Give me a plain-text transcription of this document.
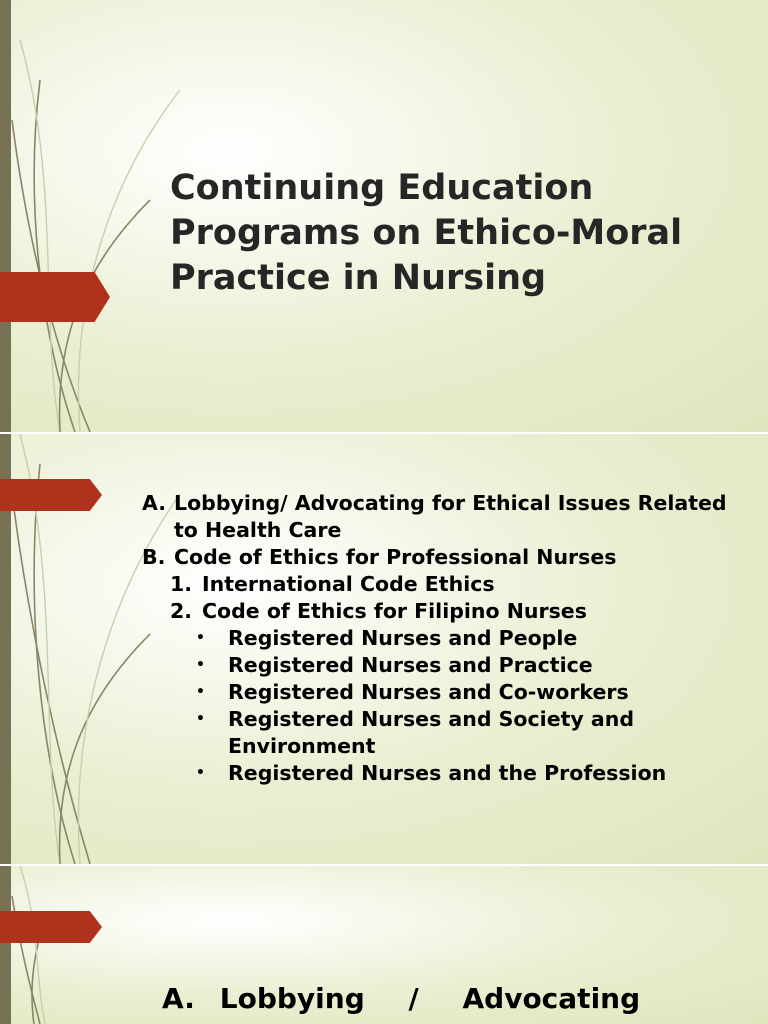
Continuing Education Programs on Ethico-Moral Practice in Nursing
A. Lobbying/ Advocating for Ethical Issues Related to Health Care
B. Code of Ethics for Professional Nurses
1. International Code Ethics
2. Code of Ethics for Filipino Nurses
• Registered Nurses and People
• Registered Nurses and Practice
• Registered Nurses and Co-workers
• Registered Nurses and Society and Environment
• Registered Nurses and the Profession
A. Lobbying / Advocating
